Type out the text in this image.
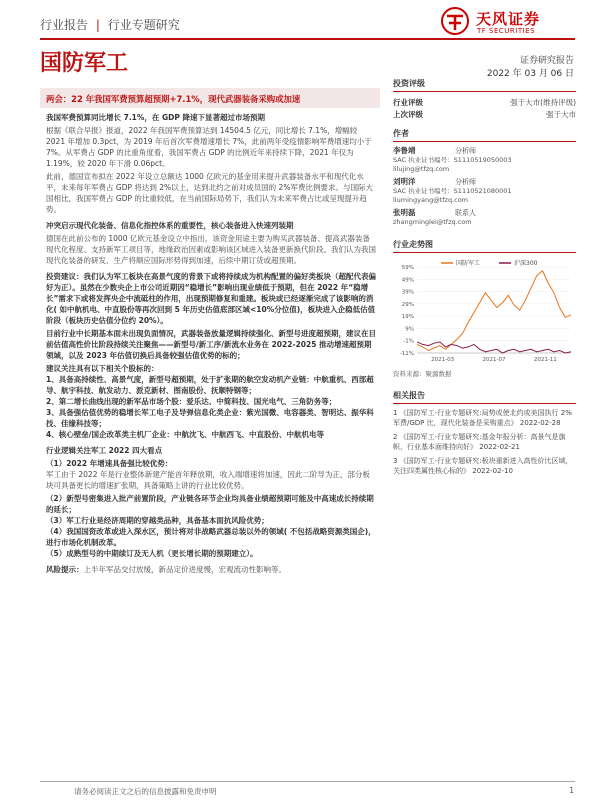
行业报告 | 行业专题研究	天风证券
TF SECURITIES
国防军工	证券研究报告
2022 年 03 月 06 日
两会：22 年我国军费预算超预期+7.1%，现代武器装备采购或加速

我国军费预算同比增长 7.1%，在 GDP 降速下显著超过市场预期

根据《联合早报》报道，2022 年我国军费预算达到 14504.5 亿元，同比增长 7.1%，增幅较 2021 年增加 0.3pct，为 2019 年后首次军费增速增长 7%，此前两年受疫情影响军费增速均小于 7%。从军费占 GDP 的比重角度看，我国军费占 GDP 的比例近年来持续下降，2021 年仅为 1.19%，较 2020 年下滑 0.06pct。

此前，德国宣布拟在 2022 年设立总额达 1000 亿欧元的基金用来提升武器装备水平和现代化水平，未来每年军费占 GDP 将达到 2%以上，达到北约之前对成员国的 2%军费比例要求。与国际大国相比，我国军费占 GDP 的比重较低，在当前国际局势下，我们认为未来军费占比或呈现提升趋势。

冲突启示现代化装备、信息化指控体系的重要性，核心装备进入快速列装期

德国在此前公布的 1000 亿欧元基金设立中指出，该资金用途主要为购买武器装备、提高武器装备现代化程度、支持新军工项目等，地缘政治因素或影响该区域进入装备更新换代阶段。我们认为我国现代化装备的研发、生产将顺应国际形势得到加速，后续中期订货或超预期。

投资建议：我们认为军工板块在高景气度的背景下或将持续成为机构配置的偏好类板块（超配代表偏好为正）。虽然在少数央企上市公司近期因“稳增长”影响出现业绩低于预期，但在 2022 年“稳增长”需求下或将发挥央企中流砥柱的作用，出现预期修复和重建。板块或已经逐渐完成了该影响的消化( 如中航机电、中直股份等再次回到 5 年历史估值底部区域<10%分位值)，板块进入企稳低估值阶段（板块历史估值分位约 20%）。

目前行业中长期基本面未出现负面情况，武器装备放量逻辑持续强化、新型号进度超预期，建议在目前估值高性价比阶段持续关注聚焦——新型号/新工序/新流水业务在 2022-2025 推动增速超预期领域，以及 2023 年估值切换后具备较强估值优势的标的；

建议关注具有以下相关个股标的：

1、具备高持续性、高景气度，新型号超预期，处于扩张期的航空发动机产业链：中航重机、西部超导、航宇科技、航发动力、派克新材、图南股份、抚顺特钢等；

2、第二增长曲线出现的新军品市场个股：爱乐达、中简科技、国光电气、三角防务等；

3、具备强估值优势的稳增长军工电子及导弹信息化类企业：紫光国微、电容器类、智明达、振华科技、佳缘科技等；

4、核心壁垒/国企改革类主机厂企业：中航沈飞、中航西飞、中直股份、中航机电等

行业逻辑关注军工 2022 四大看点

（1）2022 年增速具备强比较优势：

军工由于 2022 年是行业整体新建产能首年释放期，收入端增速将加速，因此二阶导为正，部分板块可具备更长的增速扩张期，具备策略上讲的行业比较优势。

（2）新型号密集进入批产前置阶段，产业链各环节企业均具备业绩超预期可能及中高速成长持续期的延长；

（3）军工行业是经济周期的穿越类品种，具备基本面抗风险优势；

（4）我国国资改革或进入深水区，预计将对非战略武器总装以外的领域( 不包括战略资源类国企)，进行市场化机制改革。

（5）成熟型号的中期续订及无人机（更长增长期的预期建立）。

风险提示：上半年军品交付放缓，新品定价进度慢，宏观流动性影响等。

投资评级
行业评级	强于大市(维持评级)
上次评级	强于大市
作者
李鲁靖	分析师
SAC 执业证书编号：S1110519050003
lilujing@tfzq.com
刘明洋	分析师
SAC 执业证书编号：S1110521080001
liumingyang@tfzq.com
张明磊	联系人
zhangminglei@tfzq.com
行业走势图
-11%
-1%
9%
19%
29%
39%
49%
59%
2021-03	2021-07	2021-11
国防军工	沪深300
资料来源：聚源数据
相关报告
1 《国防军工-行业专题研究:局势或使北约或美国执行 2%军费/GDP 比，现代化装备是采购重点》 2022-02-28
2 《国防军工-行业专题研究:基金年报分析：高景气是旗帜，行业基本面维持向好》 2022-02-21
3 《国防军工-行业专题研究:板块重新进入高性价比区域，关注四类属性核心标的》 2022-02-10
请务必阅读正文之后的信息披露和免责申明	1
